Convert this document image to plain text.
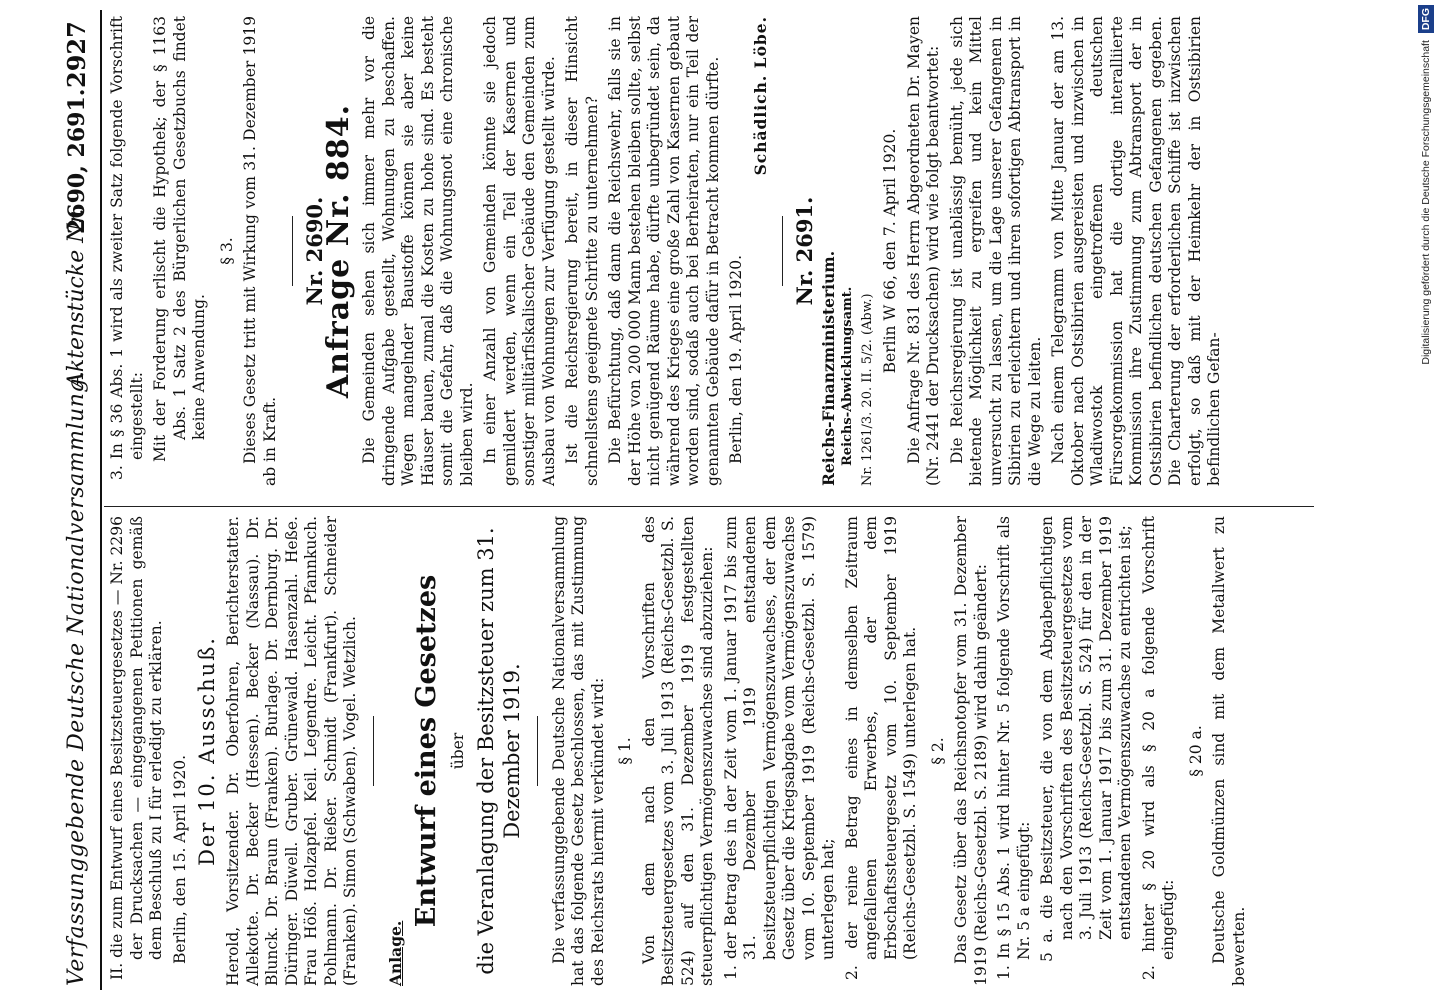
Verfassunggebende Deutsche Nationalversammlung.
Aktenstücke Nr.
2690, 2691.
2927

II. die zum Entwurf eines Besitzsteuergesetzes — Nr. 2296 der Drucksachen — eingegangenen Petitionen gemäß dem Beschluß zu I für erledigt zu erklären. Berlin, den 15. April 1920. Der 10. Ausschuß. Herold, Vorsitzender. Dr. Oberfohren, Berichterstatter. Allekotte. Dr. Becker (Hessen). Becker (Nassau). Dr. Blunck. Dr. Braun (Franken). Burlage. Dr. Dernburg. Dr. Düringer. Düwell. Gruber. Grünewald. Hasenzahl. Heße. Frau Höß. Holzapfel. Keil. Legendre. Leicht. Pfannkuch. Pohlmann. Dr. Rießer. Schmidt (Frankfurt). Schneider (Franken). Simon (Schwaben). Vogel. Wetzlich. Anlage.

Entwurf eines Gesetzes über die Veranlagung der Besitzsteuer zum 31. Dezember 1919. Die verfassunggebende Deutsche Nationalversammlung hat das folgende Gesetz beschlossen, das mit Zustimmung des Reichsrats hiermit verkündet wird: § 1. Von dem nach den Vorschriften des Besitzsteuergesetzes vom 3. Juli 1913 (Reichs-Gesetzbl. S. 524) auf den 31. Dezember 1919 festgestellten steuerpflichtigen Vermögenszuwachse sind abzuziehen: 1. der Betrag des in der Zeit vom 1. Januar 1917 bis zum 31. Dezember 1919 entstandenen besitzsteuerpflichtigen Vermögenszuwachses, der dem Gesetz über die Kriegsabgabe vom Vermögenszuwachse vom 10. September 1919 (Reichs-Gesetzbl. S. 1579) unterlegen hat; 2. der reine Betrag eines in demselben Zeitraum angefallenen Erwerbes, der dem Erbschaftssteuergesetz vom 10. September 1919 (Reichs-Gesetzbl. S. 1549) unterlegen hat. § 2. Das Gesetz über das Reichsnotopfer vom 31. Dezember 1919 (Reichs-Gesetzbl. S. 2189) wird dahin geändert: 1. In § 15 Abs. 1 wird hinter Nr. 5 folgende Vorschrift als Nr. 5 a eingefügt: 5 a. die Besitzsteuer, die von dem Abgabepflichtigen nach den Vorschriften des Besitzsteuergesetzes vom 3. Juli 1913 (Reichs-Gesetzbl. S. 524) für den in der Zeit vom 1. Januar 1917 bis zum 31. Dezember 1919 entstandenen Vermögenszuwachse zu entrichten ist; 2. hinter § 20 wird als § 20 a folgende Vorschrift eingefügt:

§ 20 a. Deutsche Goldmünzen sind mit dem Metallwert zu bewerten.

3. In § 36 Abs. 1 wird als zweiter Satz folgende Vorschrift eingestellt: Mit der Forderung erlischt die Hypothek; der § 1163 Abs. 1 Satz 2 des Bürgerlichen Gesetzbuchs findet keine Anwendung.

§ 3. Dieses Gesetz tritt mit Wirkung vom 31. Dezember 1919 ab in Kraft.

Nr. 2690.
Anfrage Nr. 884. Die Gemeinden sehen sich immer mehr vor die dringende Aufgabe gestellt, Wohnungen zu beschaffen. Wegen mangelnder Baustoffe können sie aber keine Häuser bauen, zumal die Kosten zu hohe sind. Es besteht somit die Gefahr, daß die Wohnungsnot eine chronische bleiben wird. In einer Anzahl von Gemeinden könnte sie jedoch gemildert werden, wenn ein Teil der Kasernen und sonstiger militärfiskalischer Gebäude den Gemeinden zum Ausbau von Wohnungen zur Verfügung gestellt würde. Ist die Reichsregierung bereit, in dieser Hinsicht schnellstens geeignete Schritte zu unternehmen? Die Befürchtung, daß dann die Reichswehr, falls sie in der Höhe von 200 000 Mann bestehen bleiben sollte, selbst nicht genügend Räume habe, dürfte unbegründet sein, da während des Krieges eine große Zahl von Kasernen gebaut worden sind, sodaß auch bei Berheiraten, nur ein Teil der genannten Gebäude dafür in Betracht kommen dürfte. Berlin, den 19. April 1920.

Schädlich. Löbe.
Nr. 2691. Reichs-Finanzministerium. Reichs-Abwicklungsamt. Nr. 1261/3. 20. II. 5/2. (Abw.)

Berlin W 66, den 7. April 1920. Die Anfrage Nr. 831 des Herrn Abgeordneten Dr. Mayen (Nr. 2441 der Drucksachen) wird wie folgt beantwortet: Die Reichsregierung ist unablässig bemüht, jede sich bietende Möglichkeit zu ergreifen und kein Mittel unversucht zu lassen, um die Lage unserer Gefangenen in Sibirien zu erleichtern und ihren sofortigen Abtransport in die Wege zu leiten. Nach einem Telegramm von Mitte Januar der am 13. Oktober nach Ostsibirien ausgereisten und inzwischen in Wladiwostok eingetroffenen deutschen Fürsorgekommission hat die dortige interalliierte Kommission ihre Zustimmung zum Abtransport der in Ostsibirien befindlichen deutschen Gefangenen gegeben. Die Charterung der erforderlichen Schiffe ist inzwischen erfolgt, so daß mit der Heimkehr der in Ostsibirien befindlichen Gefan-

Digitalisierung gefördert durch die Deutsche Forschungsgemeinschaft DFG
